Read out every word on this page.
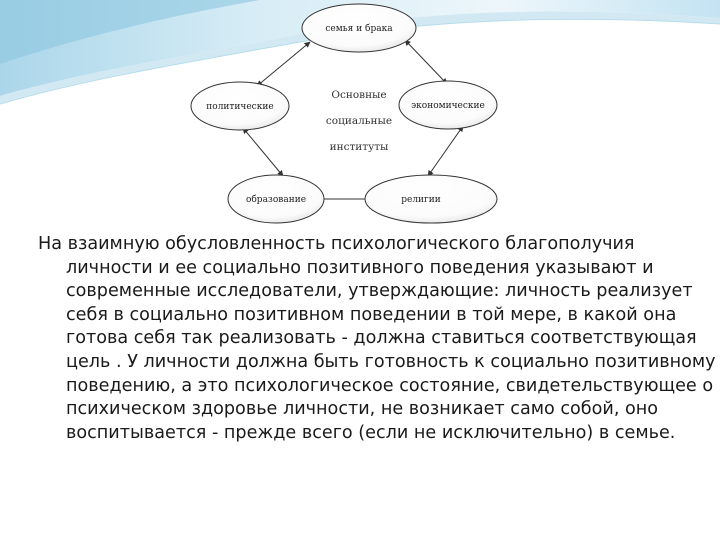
семья и брака
политические	экономические
образование	религии
Основные
социальные
институты

На взаимную обусловленность психологического благополучия личности и ее социально позитивного поведения указывают и современные исследователи, утверждающие: личность реализует себя в социально позитивном поведении в той мере, в какой она готова себя так реализовать - должна ставиться соответствующая цель . У личности должна быть готовность к социально позитивному поведению, а это психологическое состояние, свидетельствующее о психическом здоровье личности, не возникает само собой, оно воспитывается - прежде всего (если не исключительно) в семье.
